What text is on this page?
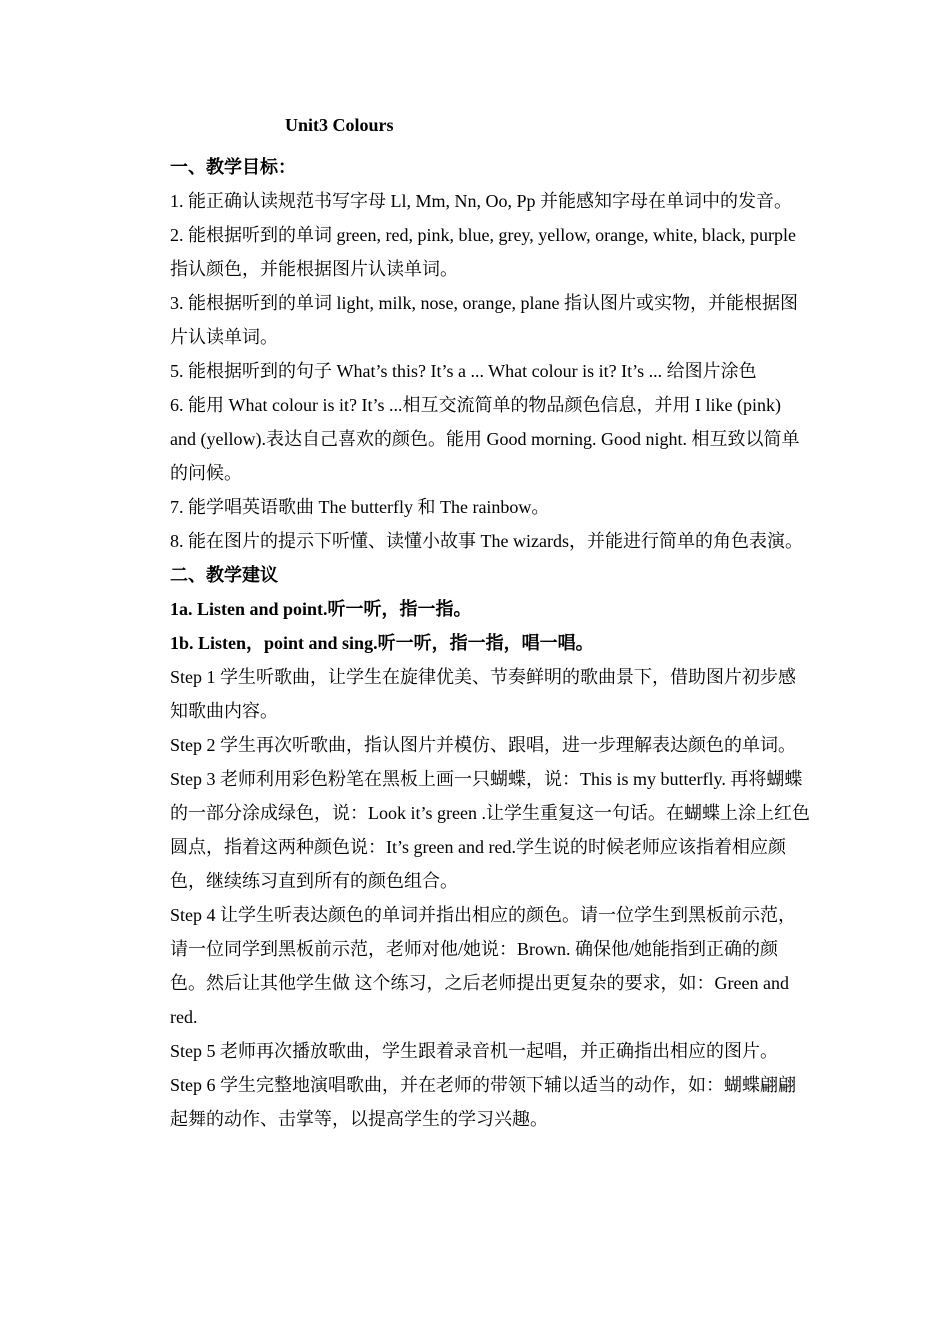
Unit3 Colours

一、教学目标：

1. 能正确认读规范书写字母 Ll, Mm, Nn, Oo, Pp 并能感知字母在单词中的发音。

2. 能根据听到的单词 green, red, pink, blue, grey, yellow, orange, white, black, purple 指认颜色，并能根据图片认读单词。

3. 能根据听到的单词 light, milk, nose, orange, plane 指认图片或实物，并能根据图片认读单词。

5. 能根据听到的句子 What’s this? It’s a ... What colour is it? It’s ... 给图片涂色

6. 能用 What colour is it? It’s ...相互交流简单的物品颜色信息，并用 I like (pink) and (yellow).表达自己喜欢的颜色。能用 Good morning. Good night. 相互致以简单的问候。

7. 能学唱英语歌曲 The butterfly 和 The rainbow。

8. 能在图片的提示下听懂、读懂小故事 The wizards，并能进行简单的角色表演。

二、教学建议

1a. Listen and point.听一听，指一指。

1b. Listen，point and sing.听一听，指一指，唱一唱。

Step 1 学生听歌曲，让学生在旋律优美、节奏鲜明的歌曲景下，借助图片初步感知歌曲内容。

Step 2 学生再次听歌曲，指认图片并模仿、跟唱，进一步理解表达颜色的单词。

Step 3 老师利用彩色粉笔在黑板上画一只蝴蝶，说：This is my butterfly. 再将蝴蝶的一部分涂成绿色，说：Look it’s green .让学生重复这一句话。在蝴蝶上涂上红色圆点，指着这两种颜色说：It’s green and red.学生说的时候老师应该指着相应颜色，继续练习直到所有的颜色组合。

Step 4 让学生听表达颜色的单词并指出相应的颜色。请一位学生到黑板前示范，请一位同学到黑板前示范，老师对他/她说：Brown. 确保他/她能指到正确的颜色。然后让其他学生做 这个练习，之后老师提出更复杂的要求，如：Green and red.

Step 5 老师再次播放歌曲，学生跟着录音机一起唱，并正确指出相应的图片。

Step 6 学生完整地演唱歌曲，并在老师的带领下辅以适当的动作，如：蝴蝶翩翩起舞的动作、击掌等，以提高学生的学习兴趣。
